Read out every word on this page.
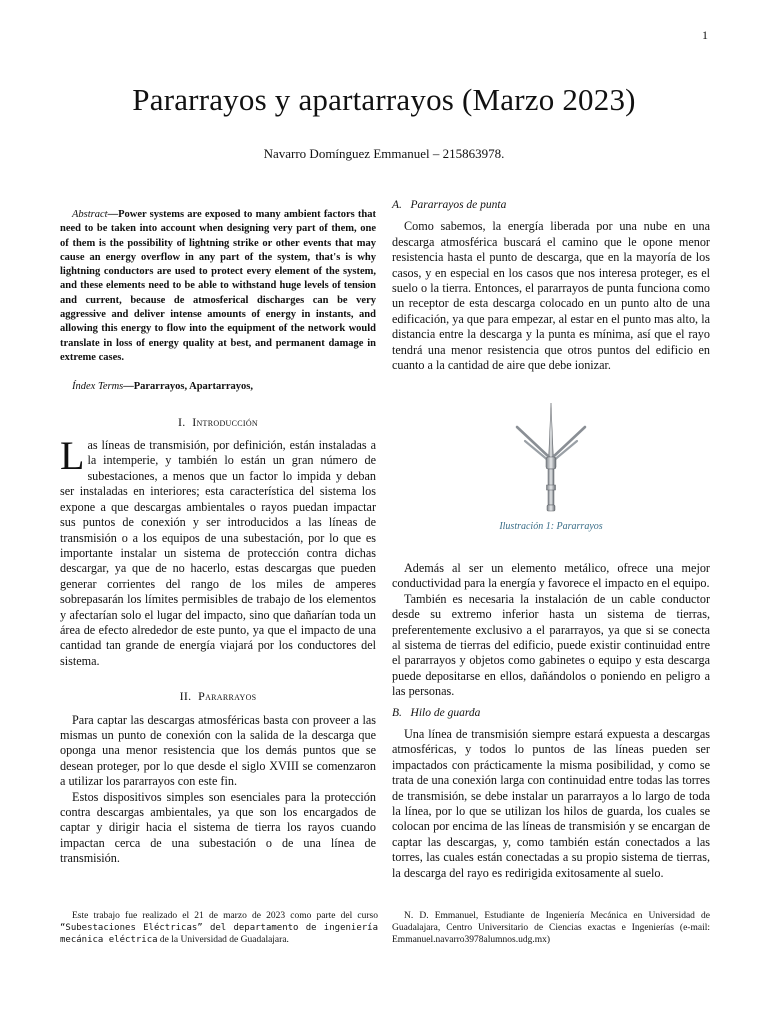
1
Pararrayos y apartarrayos (Marzo 2023)
Navarro Domínguez Emmanuel – 215863978.

Abstract—Power systems are exposed to many ambient factors that need to be taken into account when designing very part of them, one of them is the possibility of lightning strike or other events that may cause an energy overflow in any part of the system, that's is why lightning conductors are used to protect every element of the system, and these elements need to be able to withstand huge levels of tension and current, because de atmosferical discharges can be very aggressive and deliver intense amounts of energy in instants, and allowing this energy to flow into the equipment of the network would translate in loss of energy quality at best, and permanent damage in extreme cases.

Índex Terms—Pararrayos, Apartarrayos,

I. Introducción

Las líneas de transmisión, por definición, están instaladas a la intemperie, y también lo están un gran número de subestaciones, a menos que un factor lo impida y deban ser instaladas en interiores; esta característica del sistema los expone a que descargas ambientales o rayos puedan impactar sus puntos de conexión y ser introducidos a las líneas de transmisión o a los equipos de una subestación, por lo que es importante instalar un sistema de protección contra dichas descargar, ya que de no hacerlo, estas descargas que pueden generar corrientes del rango de los miles de amperes sobrepasarán los límites permisibles de trabajo de los elementos y afectarían solo el lugar del impacto, sino que dañarían toda un área de efecto alrededor de este punto, ya que el impacto de una cantidad tan grande de energía viajará por los conductores del sistema.

II. Pararrayos

Para captar las descargas atmosféricas basta con proveer a las mismas un punto de conexión con la salida de la descarga que oponga una menor resistencia que los demás puntos que se desean proteger, por lo que desde el siglo XVIII se comenzaron a utilizar los pararrayos con este fin.

Estos dispositivos simples son esenciales para la protección contra descargas ambientales, ya que son los encargados de captar y dirigir hacia el sistema de tierra los rayos cuando impactan cerca de una subestación o de una línea de transmisión.

A. Pararrayos de punta

Como sabemos, la energía liberada por una nube en una descarga atmosférica buscará el camino que le opone menor resistencia hasta el punto de descarga, que en la mayoría de los casos, y en especial en los casos que nos interesa proteger, es el suelo o la tierra. Entonces, el pararrayos de punta funciona como un receptor de esta descarga colocado en un punto alto de una edificación, ya que para empezar, al estar en el punto mas alto, la distancia entre la descarga y la punta es mínima, así que el rayo tendrá una menor resistencia que otros puntos del edificio en cuanto a la cantidad de aire que debe ionizar.

Ilustración 1: Pararrayos

Además al ser un elemento metálico, ofrece una mejor conductividad para la energía y favorece el impacto en el equipo.

También es necesaria la instalación de un cable conductor desde su extremo inferior hasta un sistema de tierras, preferentemente exclusivo a el pararrayos, ya que si se conecta al sistema de tierras del edificio, puede existir continuidad entre el pararrayos y objetos como gabinetes o equipo y esta descarga puede depositarse en ellos, dañándolos o poniendo en peligro a las personas.

B. Hilo de guarda

Una línea de transmisión siempre estará expuesta a descargas atmosféricas, y todos lo puntos de las líneas pueden ser impactados con prácticamente la misma posibilidad, y como se trata de una conexión larga con continuidad entre todas las torres de transmisión, se debe instalar un pararrayos a lo largo de toda la línea, por lo que se utilizan los hilos de guarda, los cuales se colocan por encima de las líneas de transmisión y se encargan de captar las descargas, y, como también están conectados a las torres, las cuales están conectadas a su propio sistema de tierras, la descarga del rayo es redirigida exitosamente al suelo.

Este trabajo fue realizado el 21 de marzo de 2023 como parte del curso “Subestaciones Eléctricas” del departamento de ingeniería mecánica eléctrica de la Universidad de Guadalajara.

N. D. Emmanuel, Estudiante de Ingeniería Mecánica en Universidad de Guadalajara, Centro Universitario de Ciencias exactas e Ingenierías (e-mail: Emmanuel.navarro3978alumnos.udg.mx)
